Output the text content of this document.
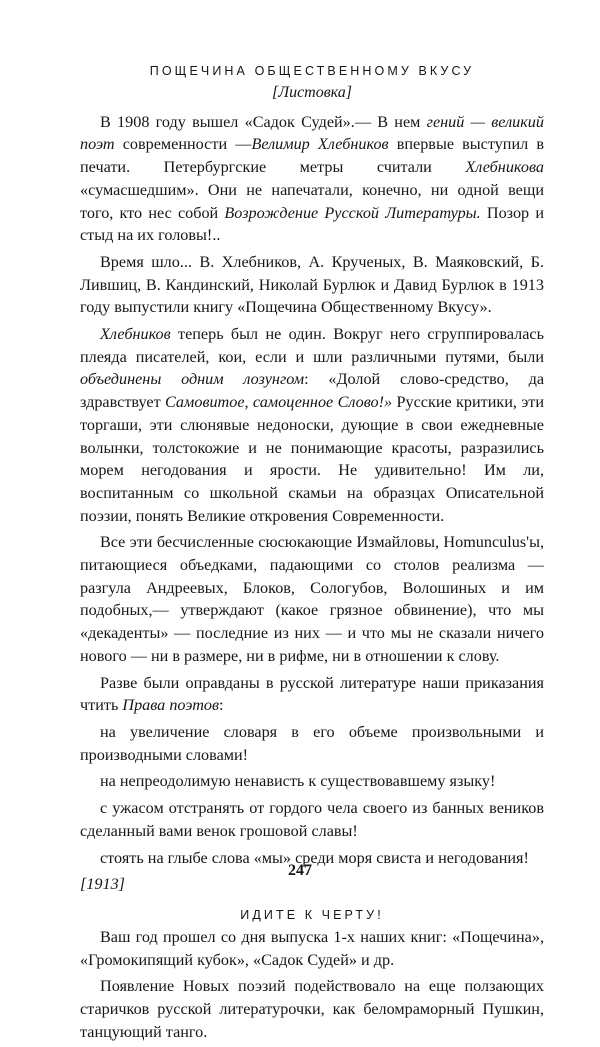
ПОЩЕЧИНА ОБЩЕСТВЕННОМУ ВКУСУ
[Листовка]

В 1908 году вышел «Садок Судей».— В нем гений — великий поэт современности —Велимир Хлебников впервые выступил в печати. Петербургские метры считали Хлебникова «сумасшедшим». Они не напечатали, конечно, ни одной вещи того, кто нес собой Возрождение Русской Литературы. Позор и стыд на их головы!..

Время шло... В. Хлебников, А. Крученых, В. Маяковский, Б. Лившиц, В. Кандинский, Николай Бурлюк и Давид Бурлюк в 1913 году выпустили книгу «Пощечина Общественному Вкусу».

Хлебников теперь был не один. Вокруг него сгруппировалась плеяда писателей, кои, если и шли различными путями, были объединены одним лозунгом: «Долой слово-средство, да здравствует Самовитое, самоценное Слово!» Русские критики, эти торгаши, эти слюнявые недоноски, дующие в свои ежедневные волынки, толстокожие и не понимающие красоты, разразились морем негодования и ярости. Не удивительно! Им ли, воспитанным со школьной скамьи на образцах Описательной поэзии, понять Великие откровения Современности.

Все эти бесчисленные сюсюкающие Измайловы, Homunculus'ы, питающиеся объедками, падающими со столов реализма — разгула Андреевых, Блоков, Сологубов, Волошиных и им подобных,— утверждают (какое грязное обвинение), что мы «декаденты» — последние из них — и что мы не сказали ничего нового — ни в размере, ни в рифме, ни в отношении к слову.

Разве были оправданы в русской литературе наши приказания чтить Права поэтов:

на увеличение словаря в его объеме произвольными и производными словами!

на непреодолимую ненависть к существовавшему языку!

с ужасом отстранять от гордого чела своего из банных веников сделанный вами венок грошовой славы!

стоять на глыбе слова «мы» среди моря свиста и негодования!

[1913]

ИДИТЕ К ЧЕРТУ!

Ваш год прошел со дня выпуска 1-х наших книг: «Пощечина», «Громокипящий кубок», «Садок Судей» и др.

Появление Новых поэзий подействовало на еще ползающих старичков русской литературочки, как беломраморный Пушкин, танцующий танго.

247
